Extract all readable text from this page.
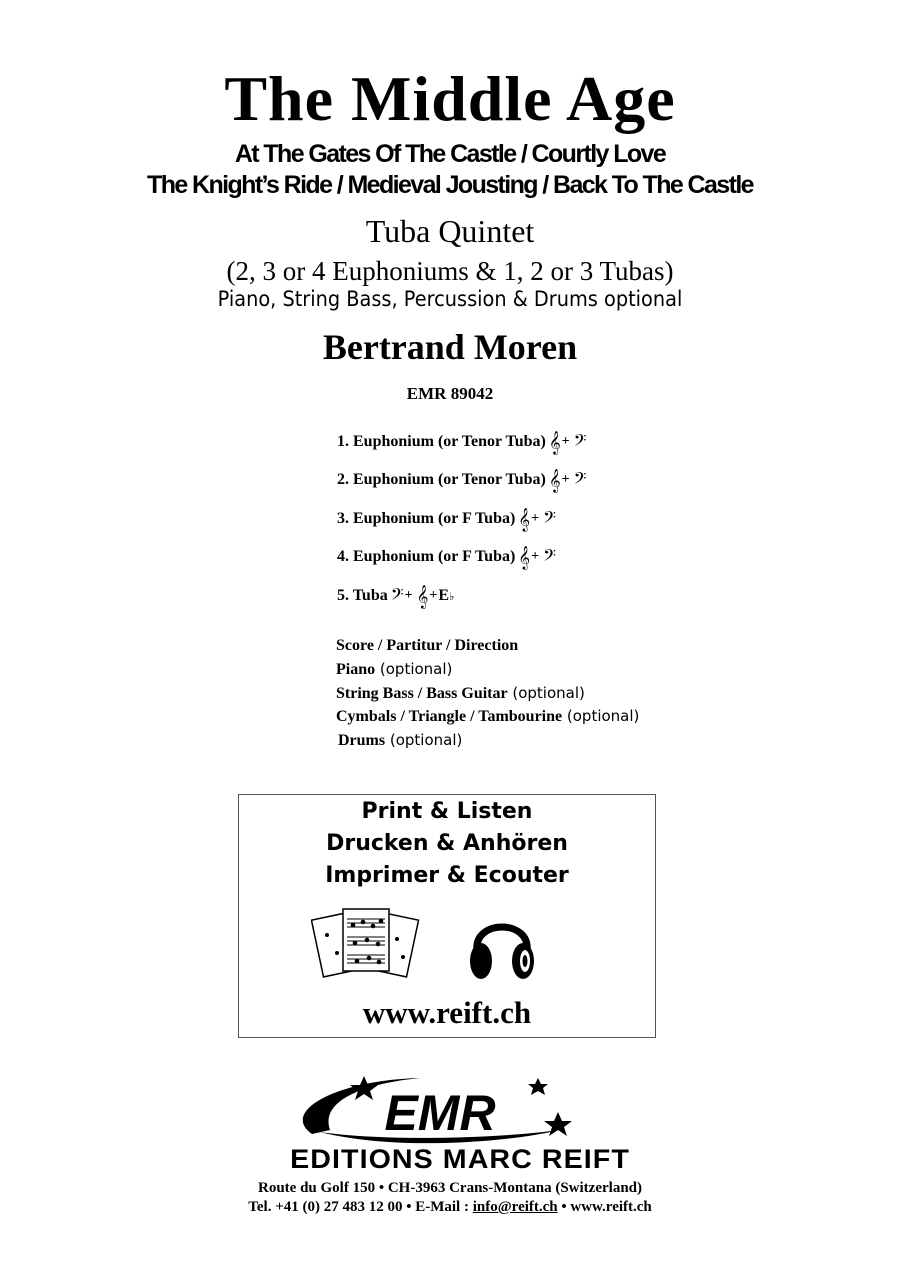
The Middle Age
At The Gates Of The Castle / Courtly Love
The Knight’s Ride / Medieval Jousting / Back To The Castle
Tuba Quintet
(2, 3 or 4 Euphoniums & 1, 2 or 3 Tubas)
Piano, String Bass, Percussion & Drums optional
Bertrand Moren
EMR 89042
1. Euphonium (or Tenor Tuba) 𝄞 + 𝄢
2. Euphonium (or Tenor Tuba) 𝄞 + 𝄢
3. Euphonium (or F Tuba) 𝄞 + 𝄢
4. Euphonium (or F Tuba) 𝄞 + 𝄢
5. Tuba 𝄢 + 𝄞 + E ♭
Score / Partitur / Direction
Piano (optional)
String Bass / Bass Guitar (optional)
Cymbals / Triangle / Tambourine (optional)
Drums (optional)
Print & Listen
Drucken & Anhören
Imprimer & Ecouter
www.reift.ch
EMR
EDITIONS MARC REIFT
Route du Golf 150 • CH-3963 Crans-Montana (Switzerland)
Tel. +41 (0) 27 483 12 00 • E-Mail : info@reift.ch • www.reift.ch
